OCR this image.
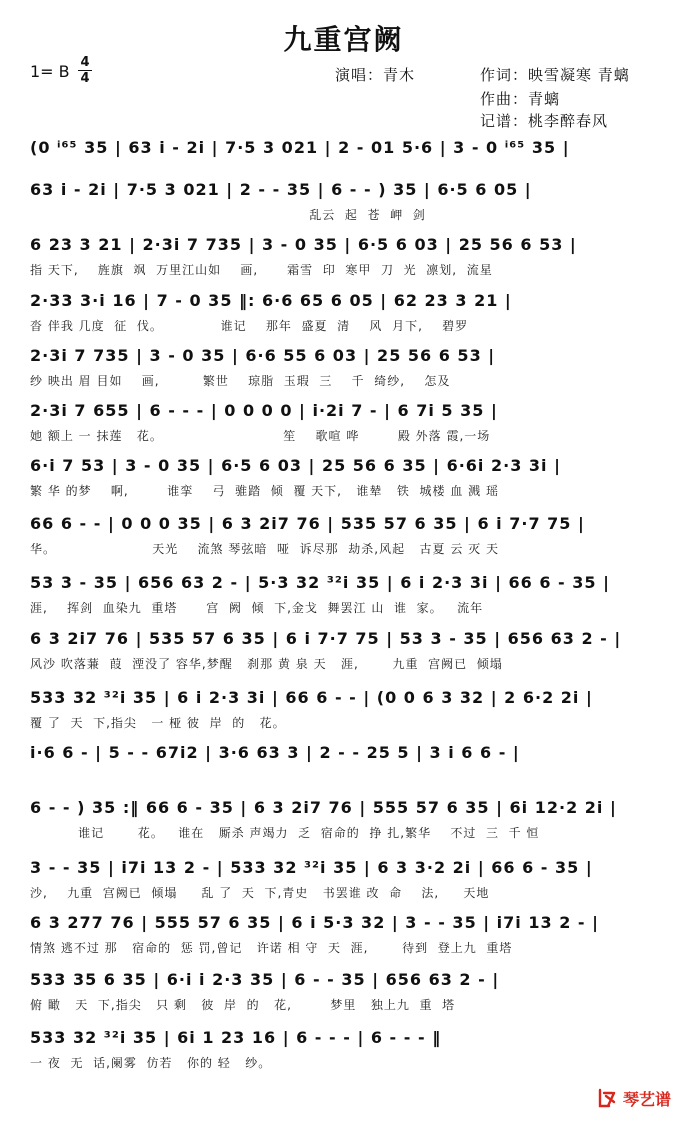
九重宫阙
1= B 4
4	演唱：青木	作词：映雪凝寒 青螭
作曲：青螭
记谱：桃李醉春风
(0 ⁱ⁶⁵ 35 | 63 i - 2i | 7·5 3 021 | 2 - 01 5·6 | 3 - 0 ⁱ⁶⁵ 35 |
63 i - 2i | 7·5 3 021 | 2 - - 35 | 6 - - ) 35 | 6·5 6 05 |
乱云  起  苍  岬  剑
6 23 3 21 | 2·3i 7 735 | 3 - 0 35 | 6·5 6 03 | 25 56 6 53 |
指 天下,    旌旗  飒  万里江山如    画,      霜雪  印  寒甲  刀  光  凛划,  流星
2·33 3·i 16 | 7 - 0 35 ‖: 6·6 65 6 05 | 62 23 3 21 |
沓 伴我 几度  征  伐。            谁记    那年  盛夏  清    风  月下,    碧罗
2·3i 7 735 | 3 - 0 35 | 6·6 55 6 03 | 25 56 6 53 |
纱 映出 眉 目如    画,         繁世    琼脂  玉瑕  三    千  绮纱,    怎及
2·3i 7 655 | 6 - - - | 0 0 0 0 | i·2i 7 - | 6 7i 5 35 |
她 额上 一 抹莲   花。                         笙    歌喧 哗        殿 外落 霞,一场
6·i 7 53 | 3 - 0 35 | 6·5 6 03 | 25 56 6 35 | 6·6i 2·3 3i |
繁 华 的梦    啊,        谁挛    弓  骓踏  倾  覆 天下,   谁辇   铁  城楼 血 溅 瑶
66 6 - - | 0 0 0 35 | 6 3 2i7 76 | 535 57 6 35 | 6 i 7·7 75 |
华。                    天光    流煞 琴弦暗  哑  诉尽那  劫杀,风起   古夏 云 灭 天
53 3 - 35 | 656 63 2 - | 5·3 32 ³²i 35 | 6 i 2·3 3i | 66 6 - 35 |
涯,    挥剑  血染九  重塔      宫  阙  倾  下,金戈  舞罢江 山  谁  家。   流年
6 3 2i7 76 | 535 57 6 35 | 6 i 7·7 75 | 53 3 - 35 | 656 63 2 - |
风沙 吹落蒹  葭  湮没了 容华,梦醒   刹那 黄 泉 天   涯,       九重  宫阙已  倾塌
533 32 ³²i 35 | 6 i 2·3 3i | 66 6 - - | (0 0 6 3 32 | 2 6·2 2i |
覆 了  天  下,指尖   一 桠 彼  岸  的   花。
i·6 6 - | 5 - - 67i2 | 3·6 63 3 | 2 - - 25 5 | 3 i 6 6 - |
6 - - ) 35 :‖ 66 6 - 35 | 6 3 2i7 76 | 555 57 6 35 | 6i 12·2 2i |
谁记       花。   谁在   厮杀 声竭力  乏  宿命的  挣 扎,繁华    不过  三  千 恒
3 - - 35 | i7i 13 2 - | 533 32 ³²i 35 | 6 3 3·2 2i | 66 6 - 35 |
沙,    九重  宫阙已  倾塌     乱 了  天  下,青史   书罢谁 改  命    法,     天地
6 3 277 76 | 555 57 6 35 | 6 i 5·3 32 | 3 - - 35 | i7i 13 2 - |
情煞 逃不过 那   宿命的  惩 罚,曾记   许诺 相 守  天  涯,       待到  登上九  重塔
533 35 6 35 | 6·i i 2·3 35 | 6 - - 35 | 656 63 2 - |
俯 瞰   天  下,指尖   只 剩   彼  岸  的   花,        梦里   独上九  重  塔
533 32 ³²i 35 | 6i 1 23 16 | 6 - - - | 6 - - - ‖
一 夜  无  话,阑雾  仿若   你的 轻   纱。
琴艺谱
